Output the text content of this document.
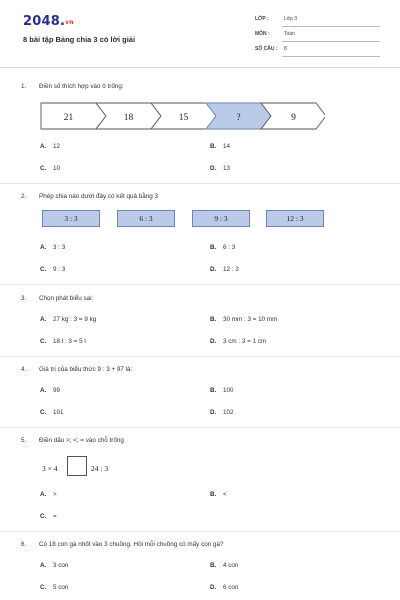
2048.vn
8 bài tập Bảng chia 3 có lời giải
LỚP :	Lớp 3
MÔN :	Toán
SỐ CÂU : 8
1. Điền số thích hợp vào ô trống:
21	18	15	?	9
A. 12	B. 14
C. 10	D. 13
2. Phép chia nào dưới đây có kết quả bằng 3
3 : 3	6 : 3	9 : 3	12 : 3
A. 3 : 3	B. 6 : 3
C. 9 : 3	D. 12 : 3
3. Chọn phát biểu sai:
A. 27 kg : 3 = 9 kg	B. 30 mm : 3 = 10 mm
C. 18 l : 3 = 5 l	D. 3 cm : 3 = 1 cm
4. Giá trị của biểu thức 9 : 3 + 97 là:
A. 99	B. 100
C. 101	D. 102
5. Điền dấu >; <; = vào chỗ trống
3 × 4	24 : 3
A. >	B. <
C. =
6. Có 18 con gà nhốt vào 3 chuồng. Hỏi mỗi chuồng có mấy con gà?
A. 3 con	B. 4 con
C. 5 con	D. 6 con
